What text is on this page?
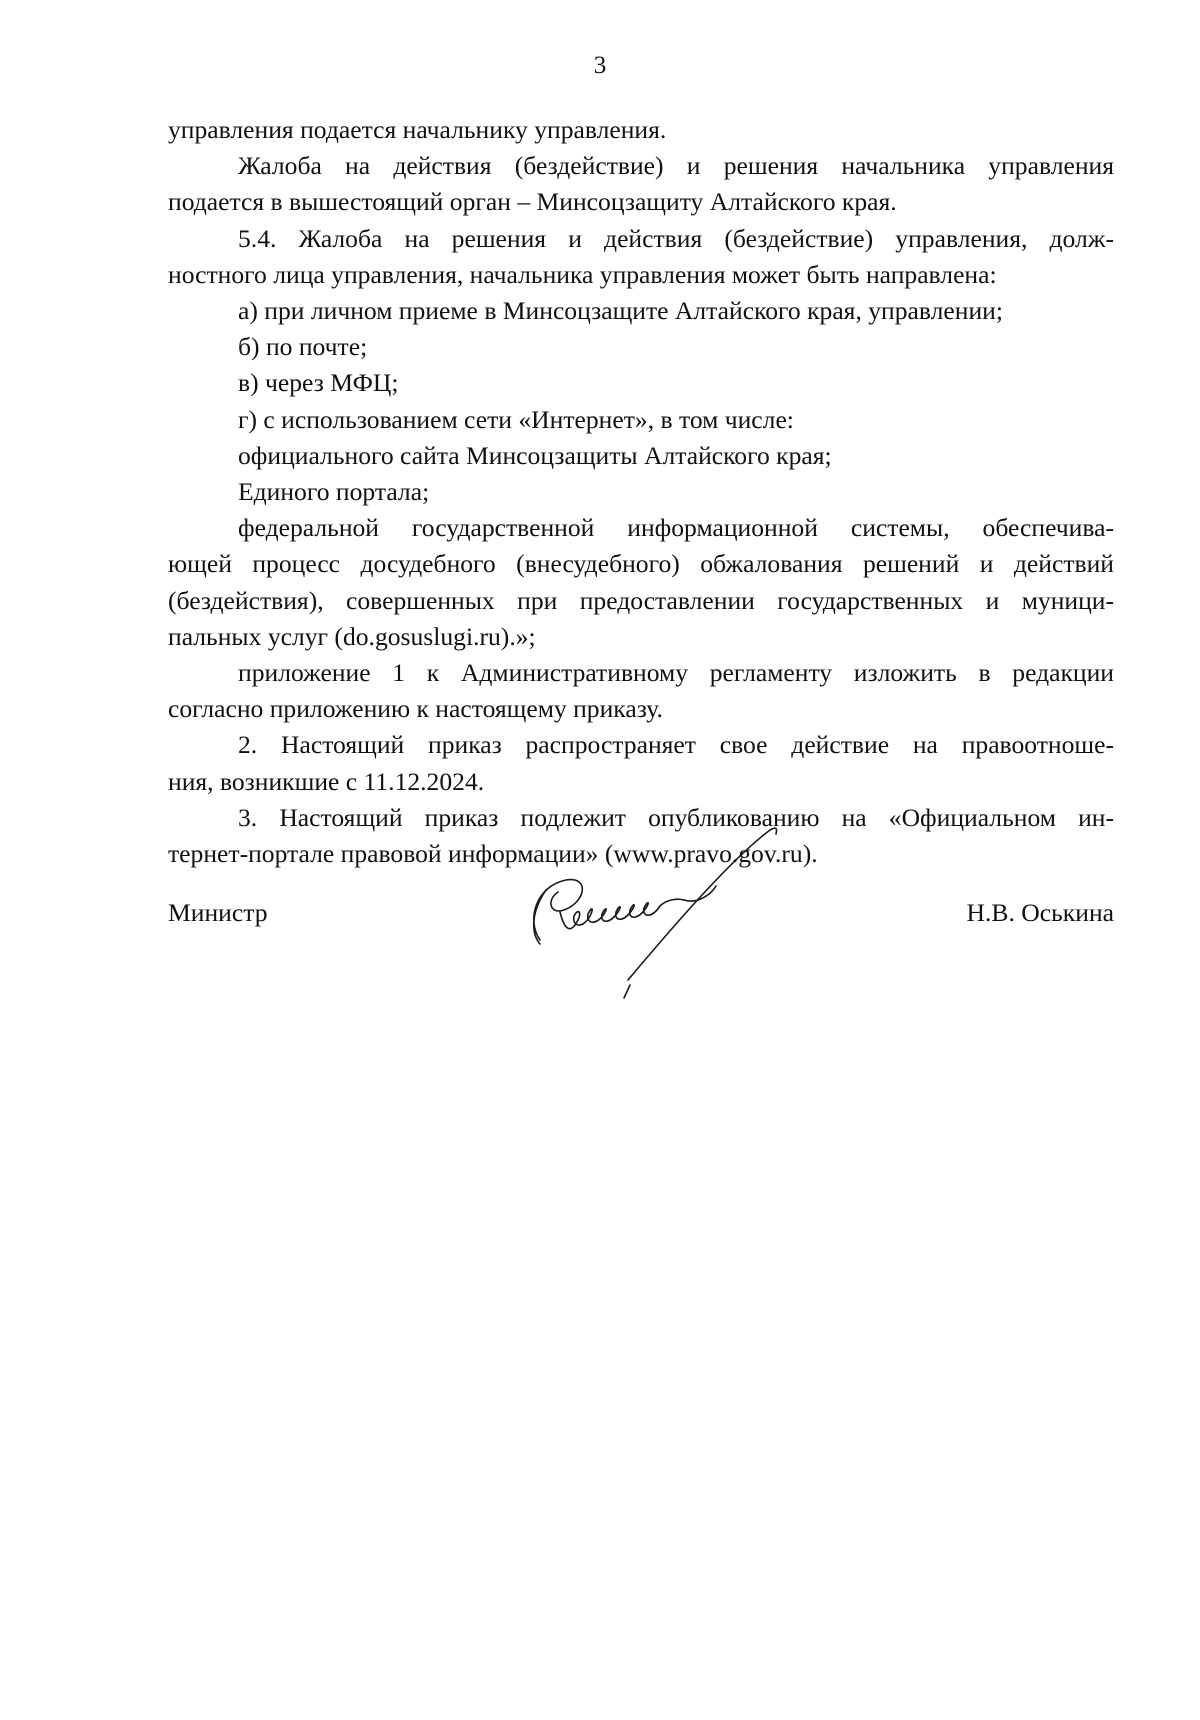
3

управления подается начальнику управления.

Жалоба на действия (бездействие) и решения начальника управления
подается в вышестоящий орган – Минсоцзащиту Алтайского края.

5.4. Жалоба на решения и действия (бездействие) управления, долж-
ностного лица управления, начальника управления может быть направлена:

а) при личном приеме в Минсоцзащите Алтайского края, управлении;

б) по почте;

в) через МФЦ;

г) с использованием сети «Интернет», в том числе:

официального сайта Минсоцзащиты Алтайского края;

Единого портала;

федеральной государственной информационной системы, обеспечива-
ющей процесс досудебного (внесудебного) обжалования решений и действий
(бездействия), совершенных при предоставлении государственных и муници-
пальных услуг (do.gosuslugi.ru).»;

приложение 1 к Административному регламенту изложить в редакции
согласно приложению к настоящему приказу.

2. Настоящий приказ распространяет свое действие на правоотноше-
ния, возникшие с 11.12.2024.

3. Настоящий приказ подлежит опубликованию на «Официальном ин-
тернет-портале правовой информации» (www.pravo.gov.ru).

Министр	Н.В. Оськина
